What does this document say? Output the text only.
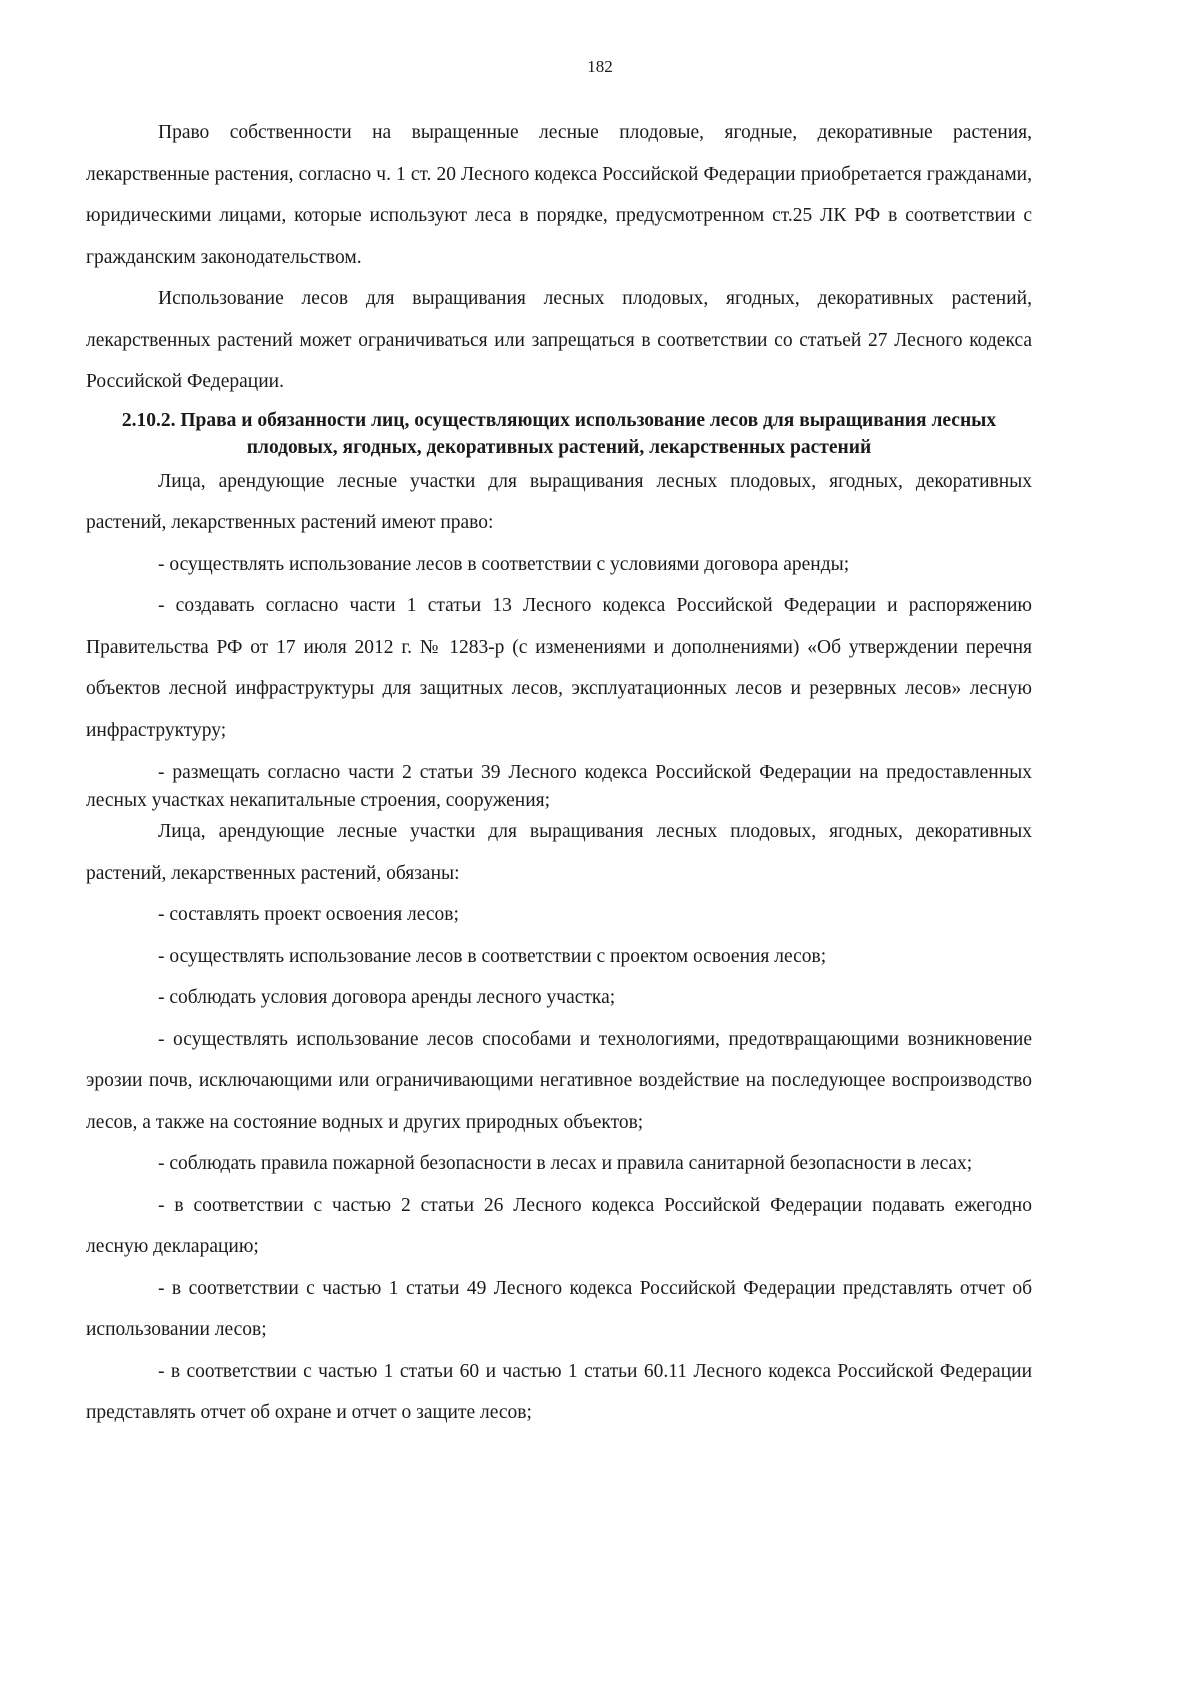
182

Право собственности на выращенные лесные плодовые, ягодные, декоративные растения, лекарственные растения, согласно ч. 1 ст. 20 Лесного кодекса Российской Федерации приобретается гражданами, юридическими лицами, которые используют леса в порядке, предусмотренном ст.25 ЛК РФ в соответствии с гражданским законодательством.

Использование лесов для выращивания лесных плодовых, ягодных, декоративных растений, лекарственных растений может ограничиваться или запрещаться в соответствии со статьей 27 Лесного кодекса Российской Федерации.

2.10.2. Права и обязанности лиц, осуществляющих использование лесов для выращивания лесных плодовых, ягодных, декоративных растений, лекарственных растений

Лица, арендующие лесные участки для выращивания лесных плодовых, ягодных, декоративных растений, лекарственных растений имеют право:

- осуществлять использование лесов в соответствии с условиями договора аренды;

- создавать согласно части 1 статьи 13 Лесного кодекса Российской Федерации и распоряжению Правительства РФ от 17 июля 2012 г. № 1283-р (с изменениями и дополнениями) «Об утверждении перечня объектов лесной инфраструктуры для защитных лесов, эксплуатационных лесов и резервных лесов» лесную инфраструктуру;

- размещать согласно части 2 статьи 39 Лесного кодекса Российской Федерации на предоставленных лесных участках некапитальные строения, сооружения;

Лица, арендующие лесные участки для выращивания лесных плодовых, ягодных, декоративных растений, лекарственных растений, обязаны:

- составлять проект освоения лесов;

- осуществлять использование лесов в соответствии с проектом освоения лесов;

- соблюдать условия договора аренды лесного участка;

- осуществлять использование лесов способами и технологиями, предотвращающими возникновение эрозии почв, исключающими или ограничивающими негативное воздействие на последующее воспроизводство лесов, а также на состояние водных и других природных объектов;

- соблюдать правила пожарной безопасности в лесах и правила санитарной безопасности в лесах;

- в соответствии с частью 2 статьи 26 Лесного кодекса Российской Федерации подавать ежегодно лесную декларацию;

- в соответствии с частью 1 статьи 49 Лесного кодекса Российской Федерации представлять отчет об использовании лесов;

- в соответствии с частью 1 статьи 60 и частью 1 статьи 60.11 Лесного кодекса Российской Федерации представлять отчет об охране и отчет о защите лесов;
